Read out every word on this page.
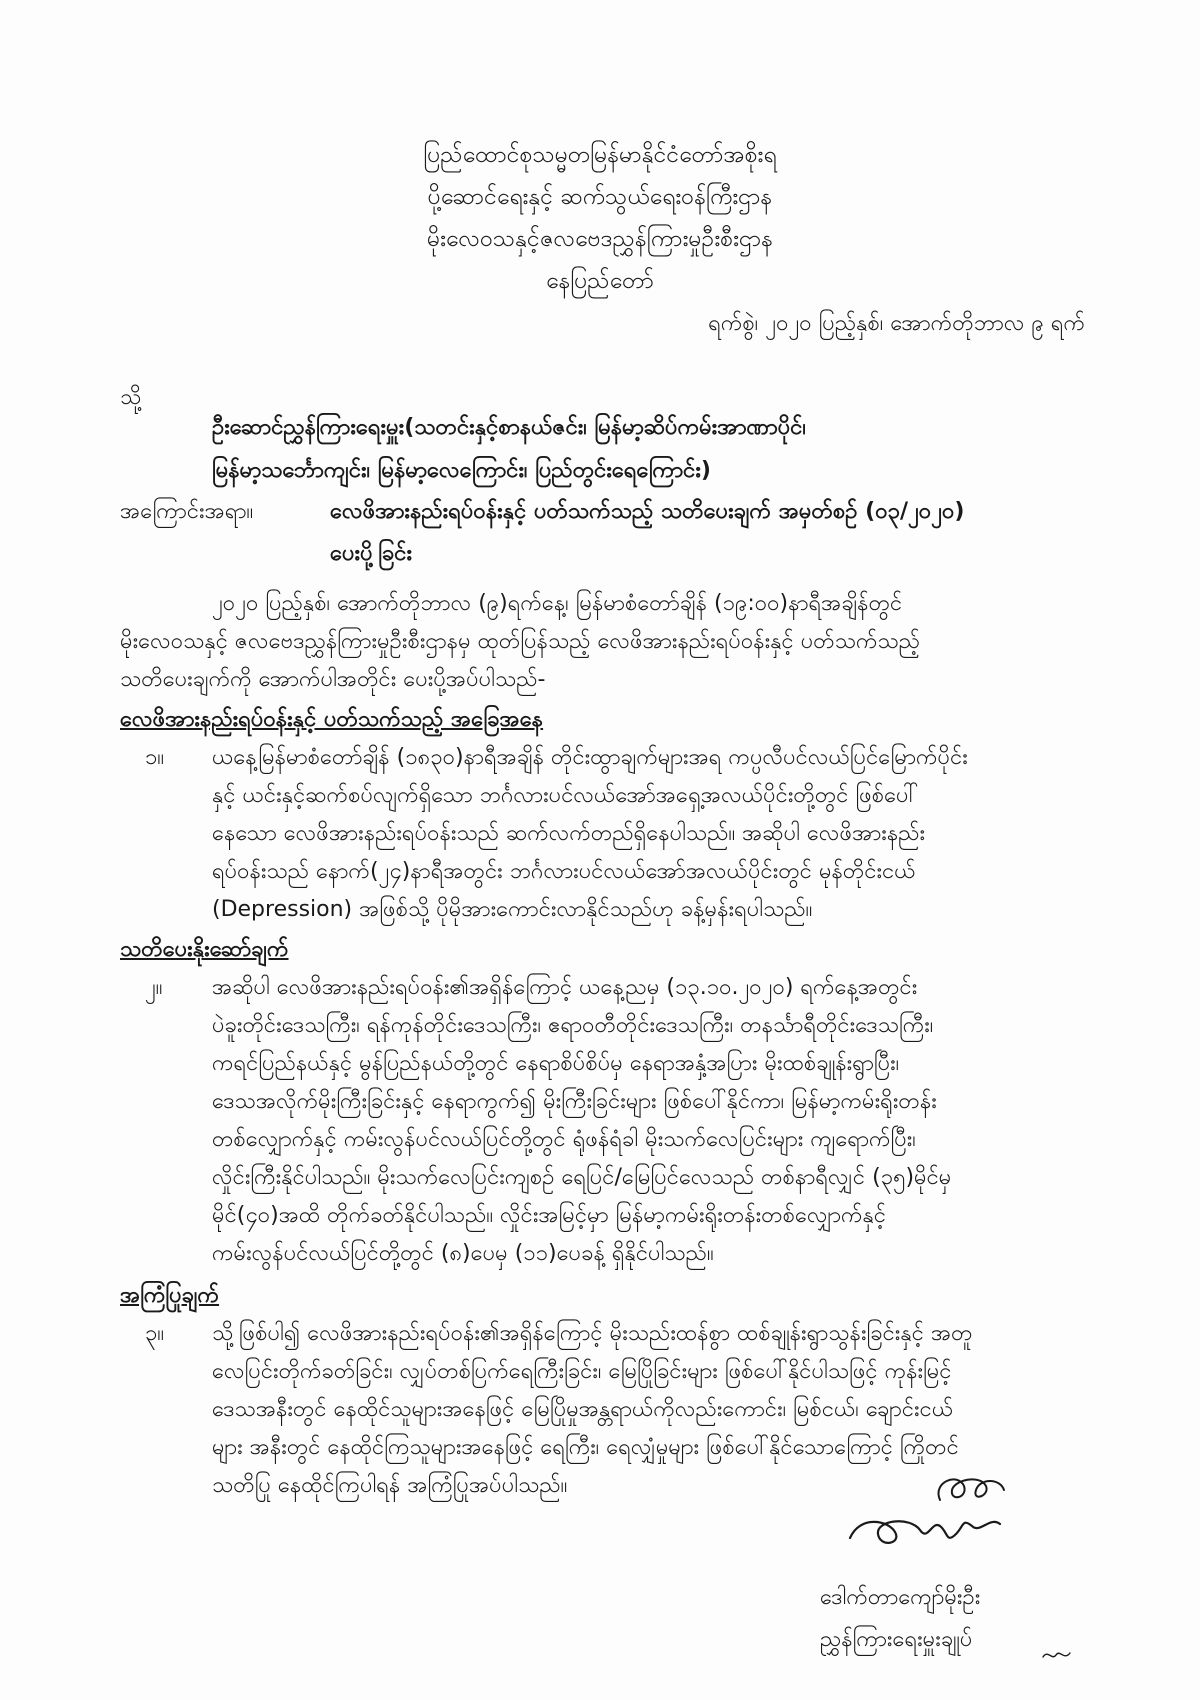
ပြည်ထောင်စုသမ္မတမြန်မာနိုင်ငံတော်အစိုးရ
ပို့ဆောင်ရေးနှင့် ဆက်သွယ်ရေးဝန်ကြီးဌာန
မိုးလေဝသနှင့်ဇလဗေဒညွှန်ကြားမှုဦးစီးဌာန
နေပြည်တော်
ရက်စွဲ၊ ၂၀၂၀ ပြည့်နှစ်၊ အောက်တိုဘာလ ၉ ရက်
သို့
ဦးဆောင်ညွှန်ကြားရေးမှူး(သတင်းနှင့်စာနယ်ဇင်း၊ မြန်မာ့ဆိပ်ကမ်းအာဏာပိုင်၊
မြန်မာ့သင်္ဘောကျင်း၊ မြန်မာ့လေကြောင်း၊ ပြည်တွင်းရေကြောင်း)
အကြောင်းအရာ။	လေဖိအားနည်းရပ်ဝန်းနှင့် ပတ်သက်သည့် သတိပေးချက် အမှတ်စဉ် (၀၃/၂၀၂၀)
ပေးပို့ခြင်း
၂၀၂၀ ပြည့်နှစ်၊ အောက်တိုဘာလ (၉)ရက်နေ့၊ မြန်မာစံတော်ချိန် (၁၉:၀၀)နာရီအချိန်တွင်
မိုးလေဝသနှင့် ဇလဗေဒညွှန်ကြားမှုဦးစီးဌာနမှ ထုတ်ပြန်သည့် လေဖိအားနည်းရပ်ဝန်းနှင့် ပတ်သက်သည့်
သတိပေးချက်ကို အောက်ပါအတိုင်း ပေးပို့အပ်ပါသည်-
လေဖိအားနည်းရပ်ဝန်းနှင့် ပတ်သက်သည့် အခြေအနေ
၁။ ယနေ့မြန်မာစံတော်ချိန် (၁၈၃၀)နာရီအချိန် တိုင်းထွာချက်များအရ ကပ္ပလီပင်လယ်ပြင်မြောက်ပိုင်း
နှင့် ယင်းနှင့်ဆက်စပ်လျက်ရှိသော ဘင်္ဂလားပင်လယ်အော်အရှေ့အလယ်ပိုင်းတို့တွင် ဖြစ်ပေါ်
နေသော လေဖိအားနည်းရပ်ဝန်းသည် ဆက်လက်တည်ရှိနေပါသည်။ အဆိုပါ လေဖိအားနည်း
ရပ်ဝန်းသည် နောက်(၂၄)နာရီအတွင်း ဘင်္ဂလားပင်လယ်အော်အလယ်ပိုင်းတွင် မုန်တိုင်းငယ်
(Depression) အဖြစ်သို့ ပိုမိုအားကောင်းလာနိုင်သည်ဟု ခန့်မှန်းရပါသည်။
သတိပေးနိုးဆော်ချက်
၂။ အဆိုပါ လေဖိအားနည်းရပ်ဝန်း၏အရှိန်ကြောင့် ယနေ့ညမှ (၁၃.၁၀.၂၀၂၀) ရက်နေ့အတွင်း
ပဲခူးတိုင်းဒေသကြီး၊ ရန်ကုန်တိုင်းဒေသကြီး၊ ဧရာဝတီတိုင်းဒေသကြီး၊ တနင်္သာရီတိုင်းဒေသကြီး၊
ကရင်ပြည်နယ်နှင့် မွန်ပြည်နယ်တို့တွင် နေရာစိပ်စိပ်မှ နေရာအနှံ့အပြား မိုးထစ်ချုန်းရွာပြီး၊
ဒေသအလိုက်မိုးကြီးခြင်းနှင့် နေရာကွက်၍ မိုးကြီးခြင်းများ ဖြစ်ပေါ်နိုင်ကာ၊ မြန်မာ့ကမ်းရိုးတန်း
တစ်လျှောက်နှင့် ကမ်းလွန်ပင်လယ်ပြင်တို့တွင် ရုံဖန်ရံခါ မိုးသက်လေပြင်းများ ကျရောက်ပြီး၊
လှိုင်းကြီးနိုင်ပါသည်။ မိုးသက်လေပြင်းကျစဉ် ရေပြင်/မြေပြင်လေသည် တစ်နာရီလျှင် (၃၅)မိုင်မှ
မိုင်(၄၀)အထိ တိုက်ခတ်နိုင်ပါသည်။ လှိုင်းအမြင့်မှာ မြန်မာ့ကမ်းရိုးတန်းတစ်လျှောက်နှင့်
ကမ်းလွန်ပင်လယ်ပြင်တို့တွင် (၈)ပေမှ (၁၁)ပေခန့် ရှိနိုင်ပါသည်။
အကြံပြုချက်
၃။ သို့ဖြစ်ပါ၍ လေဖိအားနည်းရပ်ဝန်း၏အရှိန်ကြောင့် မိုးသည်းထန်စွာ ထစ်ချုန်းရွာသွန်းခြင်းနှင့် အတူ
လေပြင်းတိုက်ခတ်ခြင်း၊ လျှပ်တစ်ပြက်ရေကြီးခြင်း၊ မြေပြိုခြင်းများ ဖြစ်ပေါ်နိုင်ပါသဖြင့် ကုန်းမြင့်
ဒေသအနီးတွင် နေထိုင်သူများအနေဖြင့် မြေပြိုမှုအန္တရာယ်ကိုလည်းကောင်း၊ မြစ်ငယ်၊ ချောင်းငယ်
များ အနီးတွင် နေထိုင်ကြသူများအနေဖြင့် ရေကြီး၊ ရေလျှံမှုများ ဖြစ်ပေါ်နိုင်သောကြောင့် ကြိုတင်
သတိပြု နေထိုင်ကြပါရန် အကြံပြုအပ်ပါသည်။
ဒေါက်တာကျော်မိုးဦး
ညွှန်ကြားရေးမှူးချုပ်
